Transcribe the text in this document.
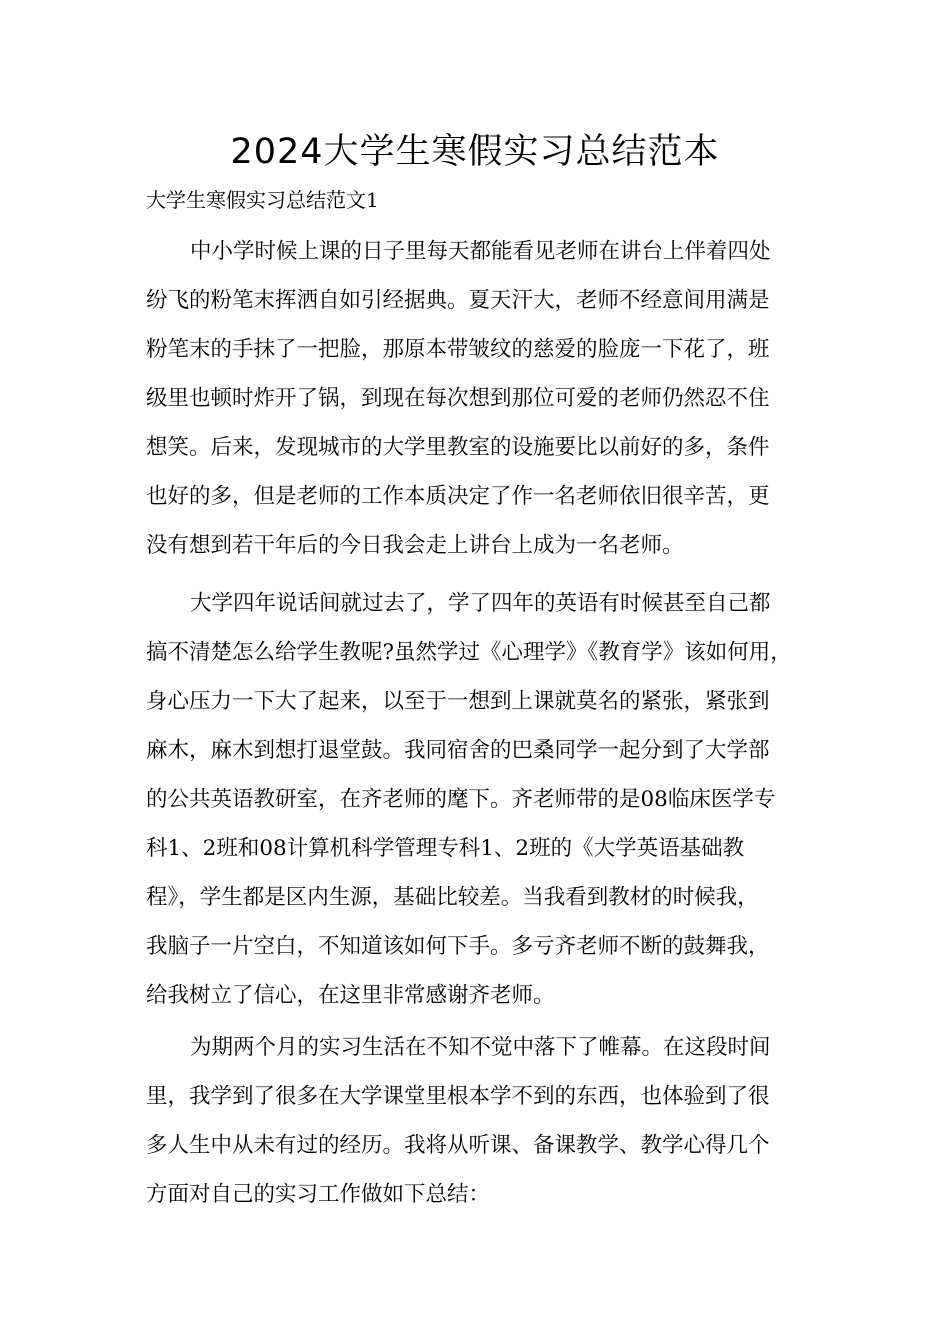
2024大学生寒假实习总结范本
大学生寒假实习总结范文1
中小学时候上课的日子里每天都能看见老师在讲台上伴着四处
纷飞的粉笔末挥洒自如引经据典。夏天汗大，老师不经意间用满是
粉笔末的手抹了一把脸，那原本带皱纹的慈爱的脸庞一下花了，班
级里也顿时炸开了锅，到现在每次想到那位可爱的老师仍然忍不住
想笑。后来，发现城市的大学里教室的设施要比以前好的多，条件
也好的多，但是老师的工作本质决定了作一名老师依旧很辛苦，更
没有想到若干年后的今日我会走上讲台上成为一名老师。
大学四年说话间就过去了，学了四年的英语有时候甚至自己都
搞不清楚怎么给学生教呢?虽然学过《心理学》《教育学》该如何用，
身心压力一下大了起来，以至于一想到上课就莫名的紧张，紧张到
麻木，麻木到想打退堂鼓。我同宿舍的巴桑同学一起分到了大学部
的公共英语教研室，在齐老师的麾下。齐老师带的是08临床医学专
科1、2班和08计算机科学管理专科1、2班的《大学英语基础教
程》，学生都是区内生源，基础比较差。当我看到教材的时候我，
我脑子一片空白，不知道该如何下手。多亏齐老师不断的鼓舞我，
给我树立了信心，在这里非常感谢齐老师。
为期两个月的实习生活在不知不觉中落下了帷幕。在这段时间
里，我学到了很多在大学课堂里根本学不到的东西，也体验到了很
多人生中从未有过的经历。我将从听课、备课教学、教学心得几个
方面对自己的实习工作做如下总结：
